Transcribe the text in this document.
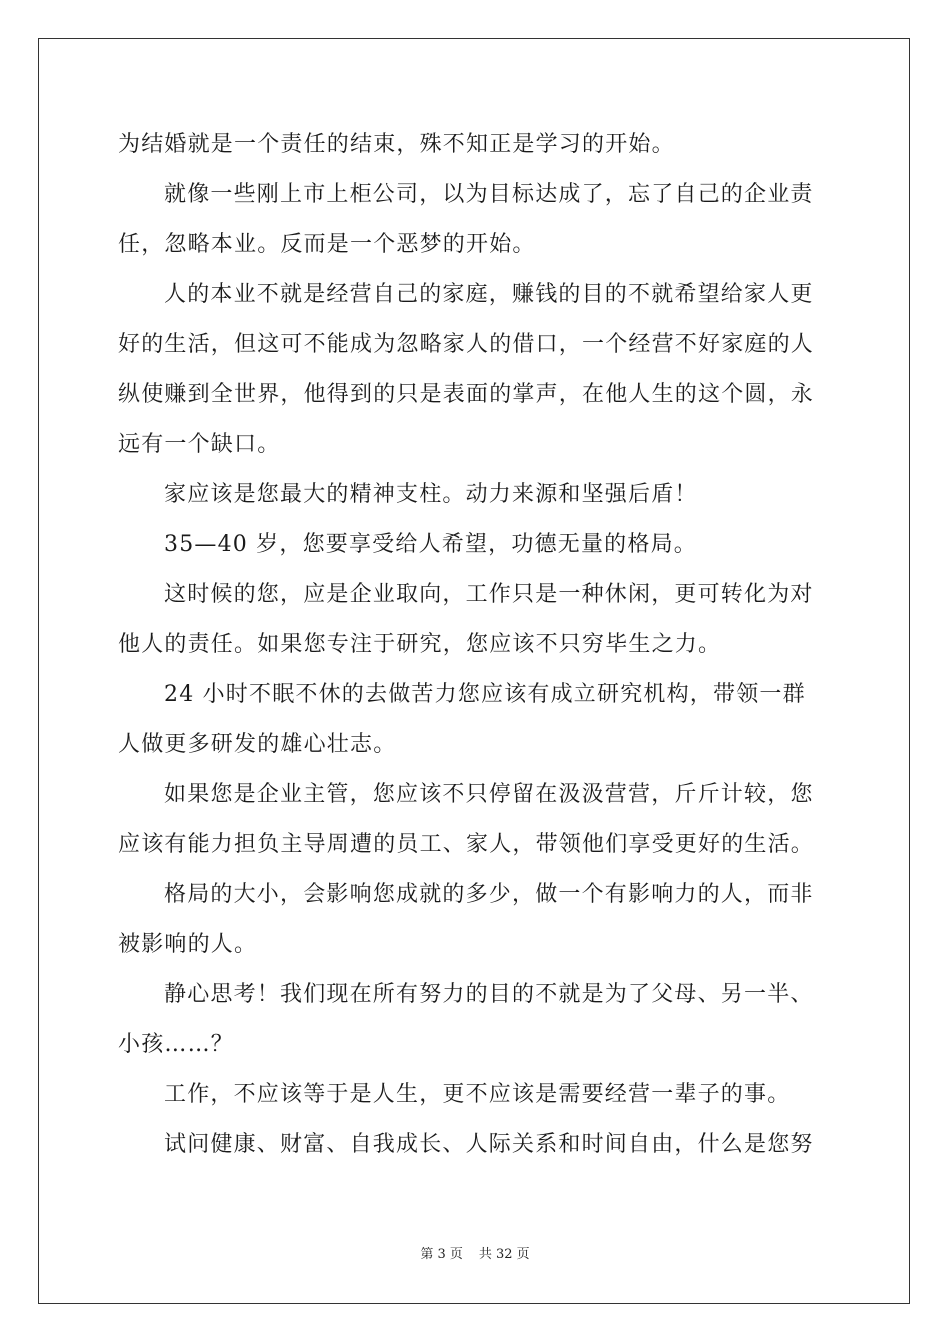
为结婚就是一个责任的结束，殊不知正是学习的开始。
就像一些刚上市上柜公司，以为目标达成了，忘了自己的企业责
任，忽略本业。反而是一个恶梦的开始。
人的本业不就是经营自己的家庭，赚钱的目的不就希望给家人更
好的生活，但这可不能成为忽略家人的借口，一个经营不好家庭的人
纵使赚到全世界，他得到的只是表面的掌声，在他人生的这个圆，永
远有一个缺口。
家应该是您最大的精神支柱。动力来源和坚强后盾！
35—40 岁，您要享受给人希望，功德无量的格局。
这时候的您，应是企业取向，工作只是一种休闲，更可转化为对
他人的责任。如果您专注于研究，您应该不只穷毕生之力。
24 小时不眠不休的去做苦力您应该有成立研究机构，带领一群
人做更多研发的雄心壮志。
如果您是企业主管，您应该不只停留在汲汲营营，斤斤计较，您
应该有能力担负主导周遭的员工、家人，带领他们享受更好的生活。
格局的大小，会影响您成就的多少，做一个有影响力的人，而非
被影响的人。
静心思考！我们现在所有努力的目的不就是为了父母、另一半、
小孩……？
工作，不应该等于是人生，更不应该是需要经营一辈子的事。
试问健康、财富、自我成长、人际关系和时间自由，什么是您努
第 3 页 共 32 页
